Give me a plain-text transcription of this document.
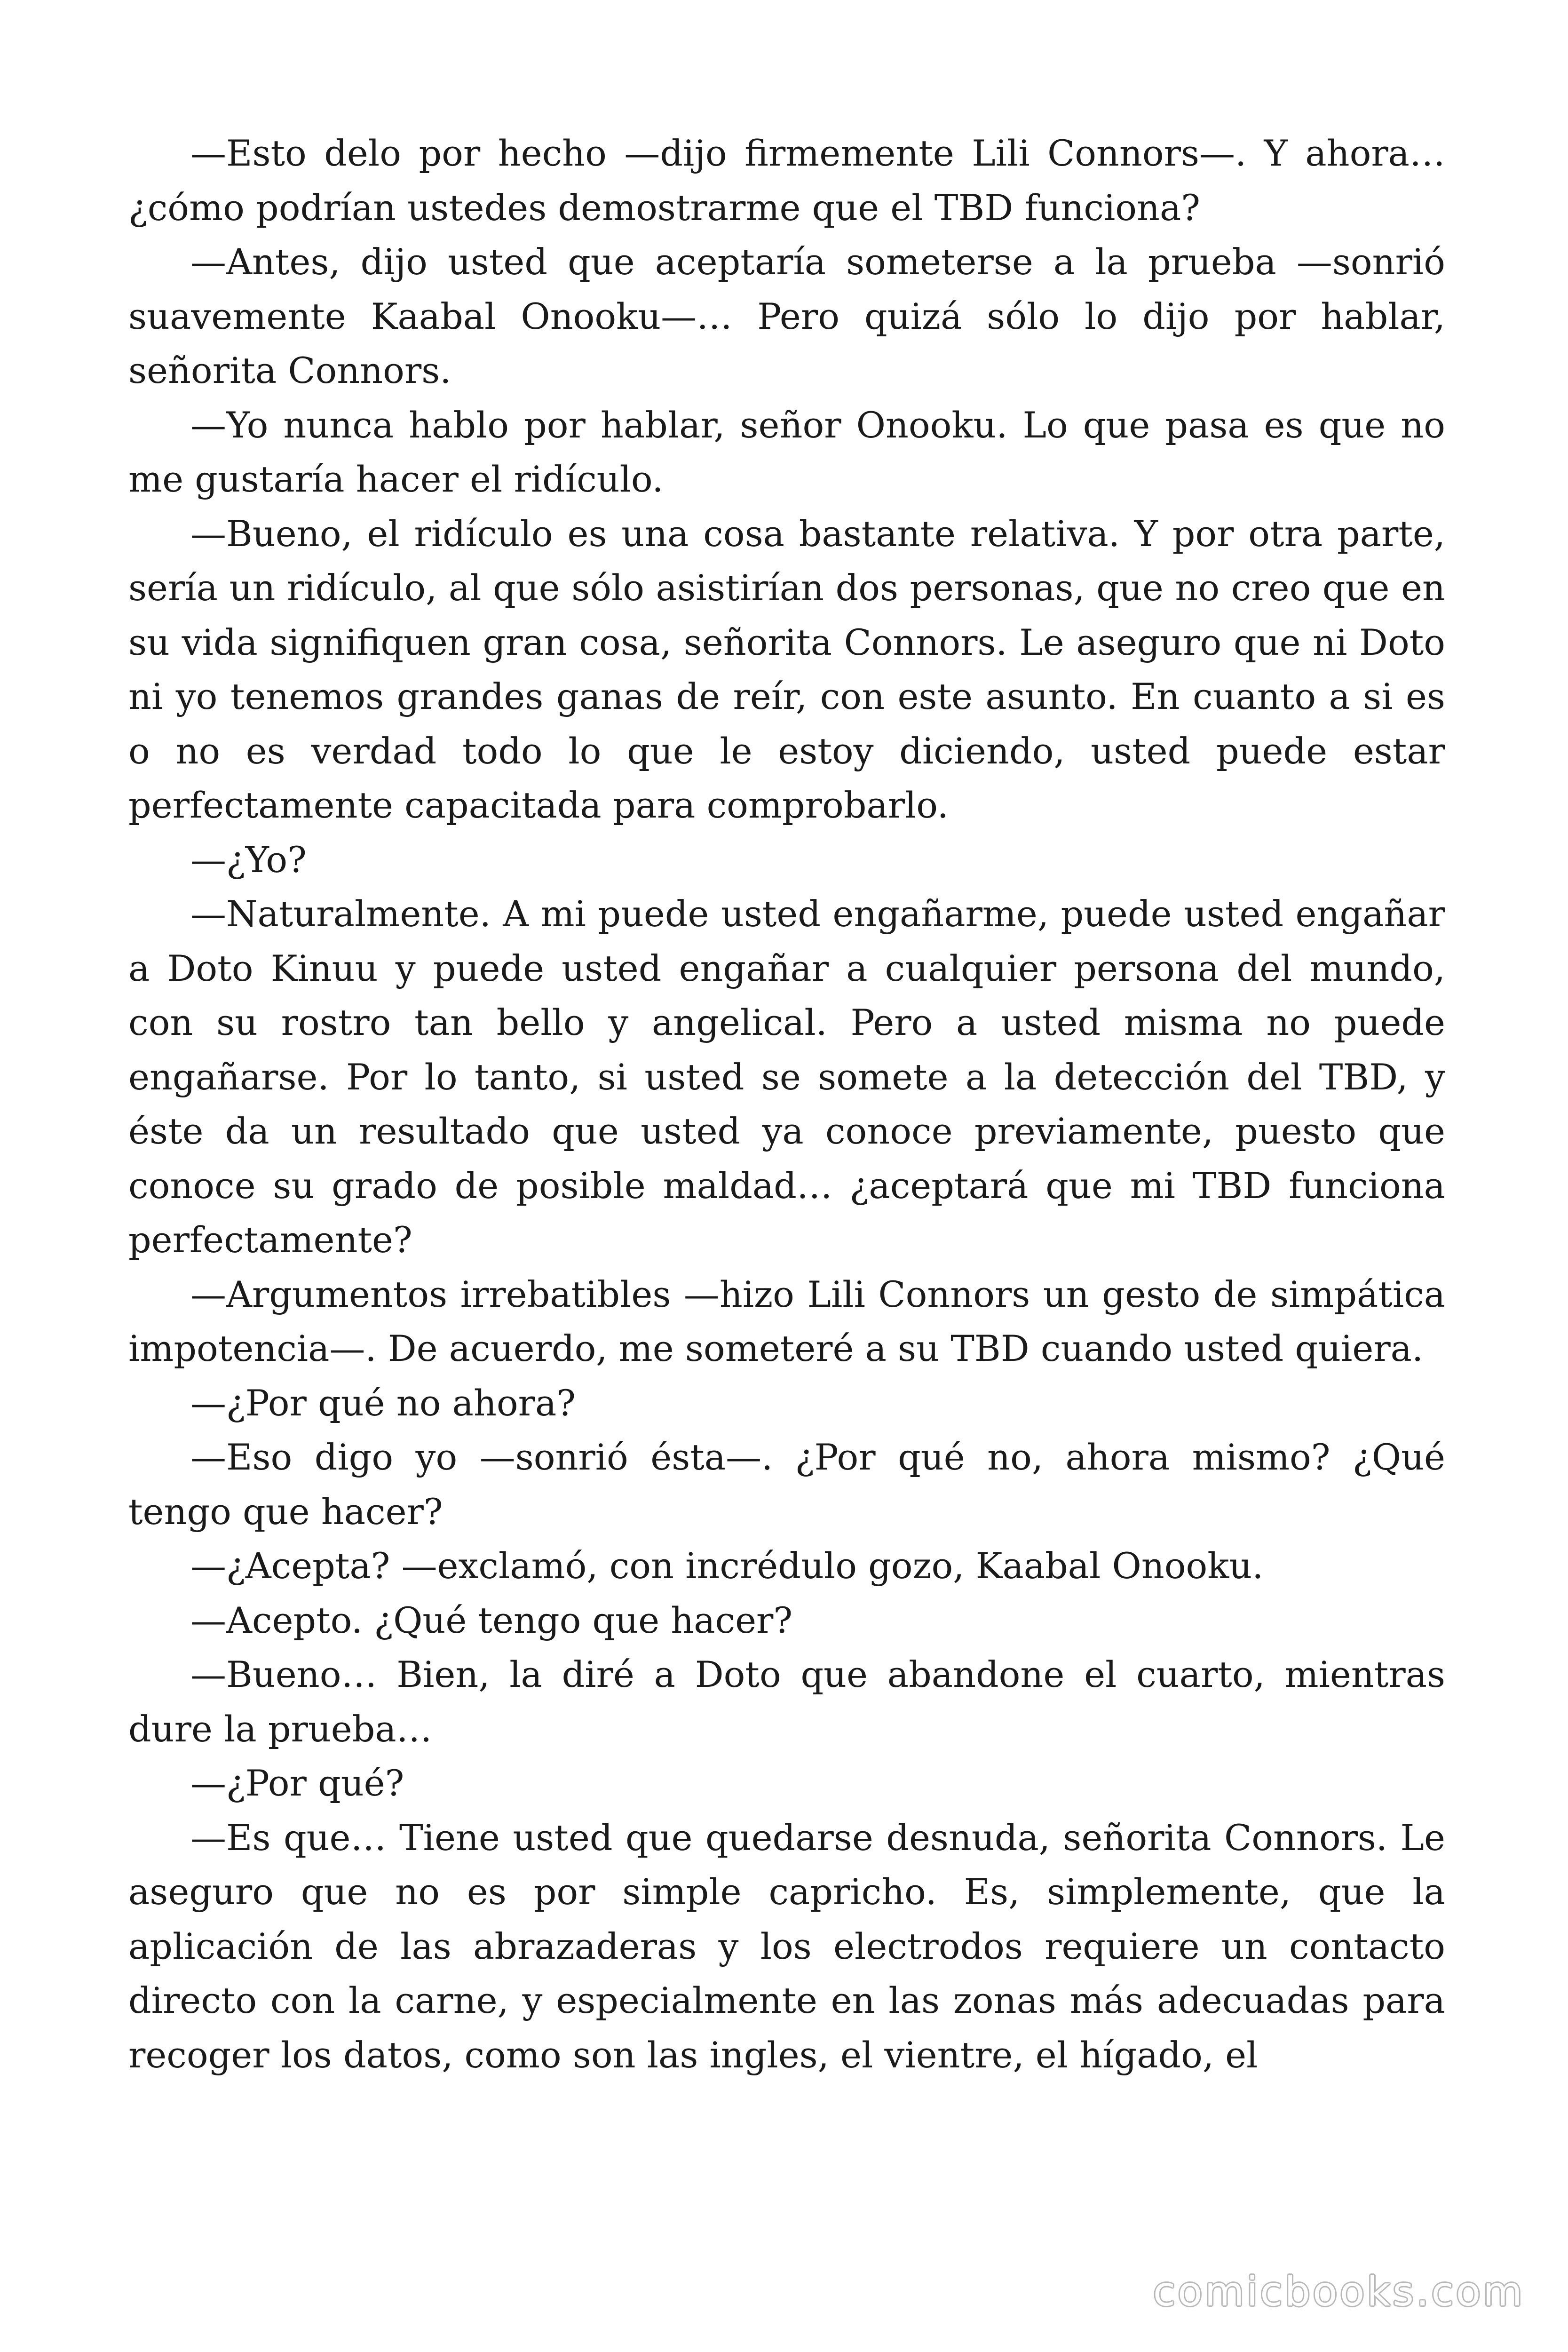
—Esto delo por hecho —dijo firmemente Lili Connors—. Y ahora… ¿cómo podrían ustedes demostrarme que el TBD funciona?

—Antes, dijo usted que aceptaría someterse a la prueba —sonrió suavemente Kaabal Onooku—… Pero quizá sólo lo dijo por hablar, señorita Connors.

—Yo nunca hablo por hablar, señor Onooku. Lo que pasa es que no me gustaría hacer el ridículo.

—Bueno, el ridículo es una cosa bastante relativa. Y por otra parte, sería un ridículo, al que sólo asistirían dos personas, que no creo que en su vida signifiquen gran cosa, señorita Connors. Le aseguro que ni Doto ni yo tenemos grandes ganas de reír, con este asunto. En cuanto a si es o no es verdad todo lo que le estoy diciendo, usted puede estar perfectamente capacitada para comprobarlo.

—¿Yo?

—Naturalmente. A mi puede usted engañarme, puede usted engañar a Doto Kinuu y puede usted engañar a cualquier persona del mundo, con su rostro tan bello y angelical. Pero a usted misma no puede engañarse. Por lo tanto, si usted se somete a la detección del TBD, y éste da un resultado que usted ya conoce previamente, puesto que conoce su grado de posible maldad… ¿aceptará que mi TBD funciona perfectamente?

—Argumentos irrebatibles —hizo Lili Connors un gesto de simpática impotencia—. De acuerdo, me someteré a su TBD cuando usted quiera.

—¿Por qué no ahora?

—Eso digo yo —sonrió ésta—. ¿Por qué no, ahora mismo? ¿Qué tengo que hacer?

—¿Acepta? —exclamó, con incrédulo gozo, Kaabal Onooku.

—Acepto. ¿Qué tengo que hacer?

—Bueno… Bien, la diré a Doto que abandone el cuarto, mientras dure la prueba…

—¿Por qué?

—Es que… Tiene usted que quedarse desnuda, señorita Connors. Le aseguro que no es por simple capricho. Es, simplemente, que la aplicación de las abrazaderas y los electrodos requiere un contacto directo con la carne, y especialmente en las zonas más adecuadas para recoger los datos, como son las ingles, el vientre, el hígado, el

comicbooks.com
